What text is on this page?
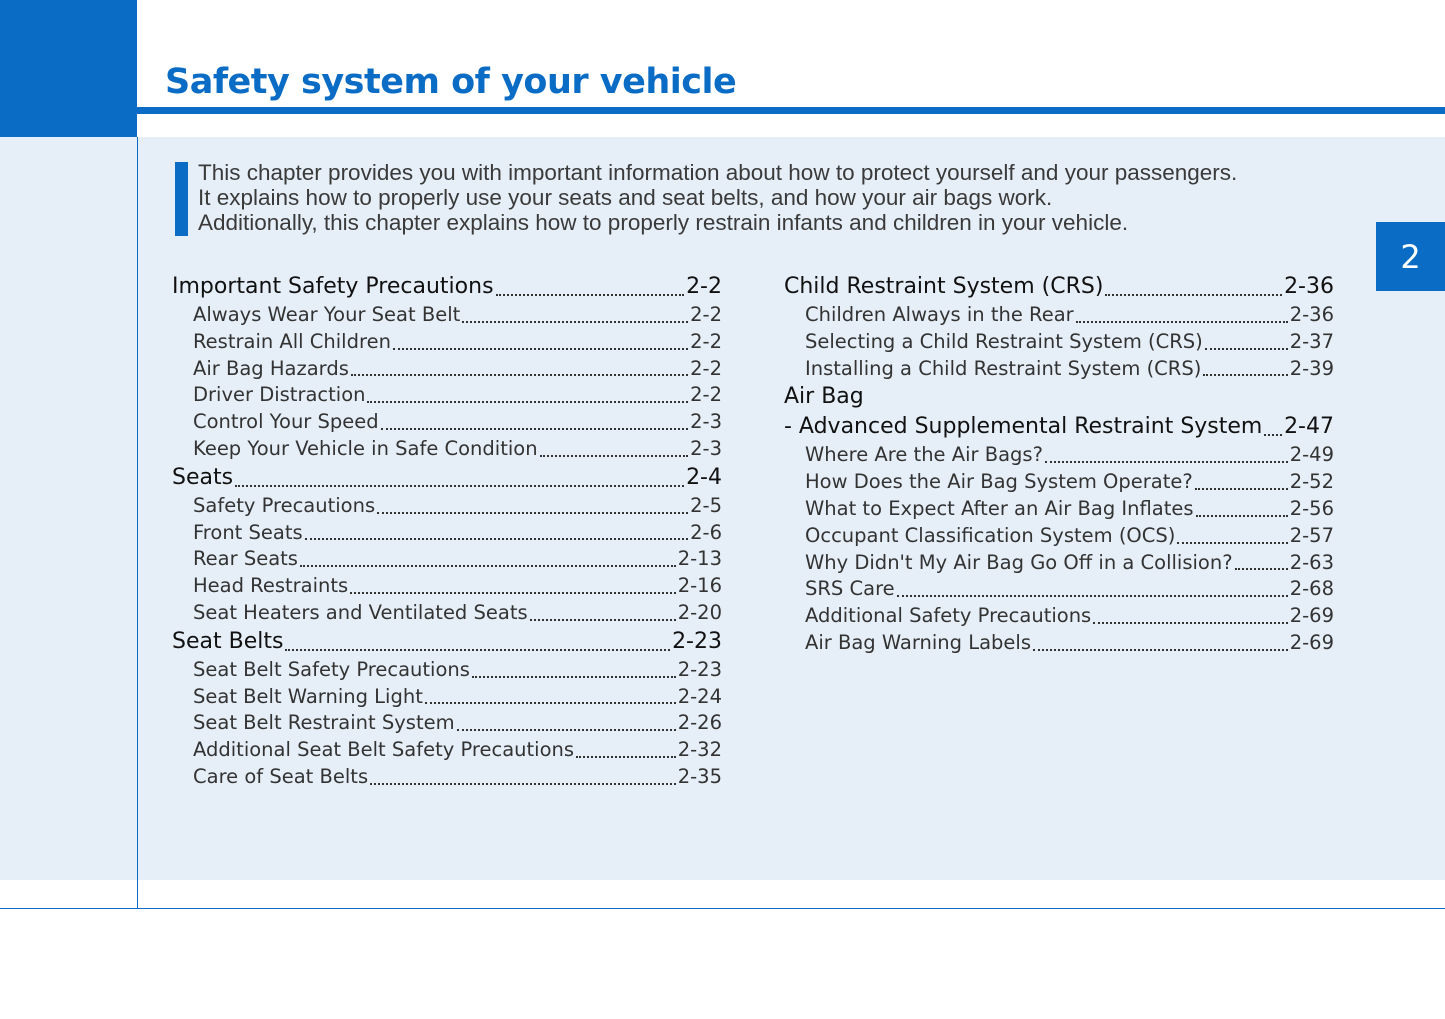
Safety system of your vehicle
2

This chapter provides you with important information about how to protect yourself and your passengers.

It explains how to properly use your seats and seat belts, and how your air bags work.

Additionally, this chapter explains how to properly restrain infants and children in your vehicle.

Important Safety Precautions	2-2
Always Wear Your Seat Belt	2-2
Restrain All Children	2-2
Air Bag Hazards	2-2
Driver Distraction	2-2
Control Your Speed	2-3
Keep Your Vehicle in Safe Condition	2-3
Seats	2-4
Safety Precautions	2-5
Front Seats	2-6
Rear Seats	2-13
Head Restraints	2-16
Seat Heaters and Ventilated Seats	2-20
Seat Belts	2-23
Seat Belt Safety Precautions	2-23
Seat Belt Warning Light	2-24
Seat Belt Restraint System	2-26
Additional Seat Belt Safety Precautions	2-32
Care of Seat Belts	2-35
Child Restraint System (CRS)	2-36
Children Always in the Rear	2-36
Selecting a Child Restraint System (CRS)	2-37
Installing a Child Restraint System (CRS)	2-39
Air Bag
- Advanced Supplemental Restraint System 2-47
Where Are the Air Bags?	2-49
How Does the Air Bag System Operate?	2-52
What to Expect After an Air Bag Inflates	2-56
Occupant Classification System (OCS)	2-57
Why Didn't My Air Bag Go Off in a Collision?	2-63
SRS Care	2-68
Additional Safety Precautions	2-69
Air Bag Warning Labels	2-69
